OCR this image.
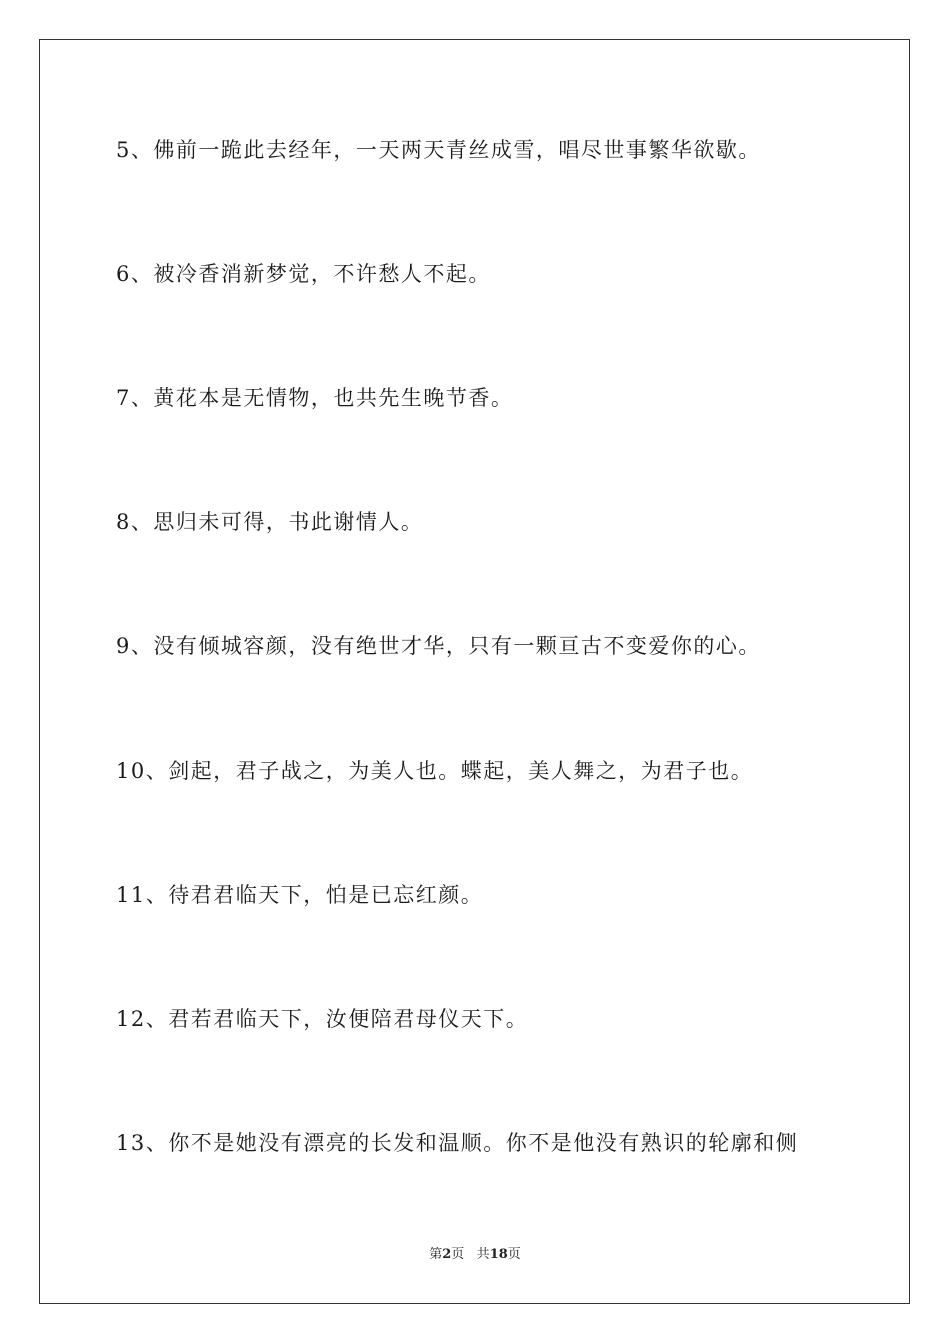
5、佛前一跪此去经年，一天两天青丝成雪，唱尽世事繁华欲歇。
6、被冷香消新梦觉，不许愁人不起。
7、黄花本是无情物，也共先生晚节香。
8、思归未可得，书此谢情人。
9、没有倾城容颜，没有绝世才华，只有一颗亘古不变爱你的心。
10、剑起，君子战之，为美人也。蝶起，美人舞之，为君子也。
11、待君君临天下，怕是已忘红颜。
12、君若君临天下，汝便陪君母仪天下。
13、你不是她没有漂亮的长发和温顺。你不是他没有熟识的轮廓和侧
第2页 共18页
